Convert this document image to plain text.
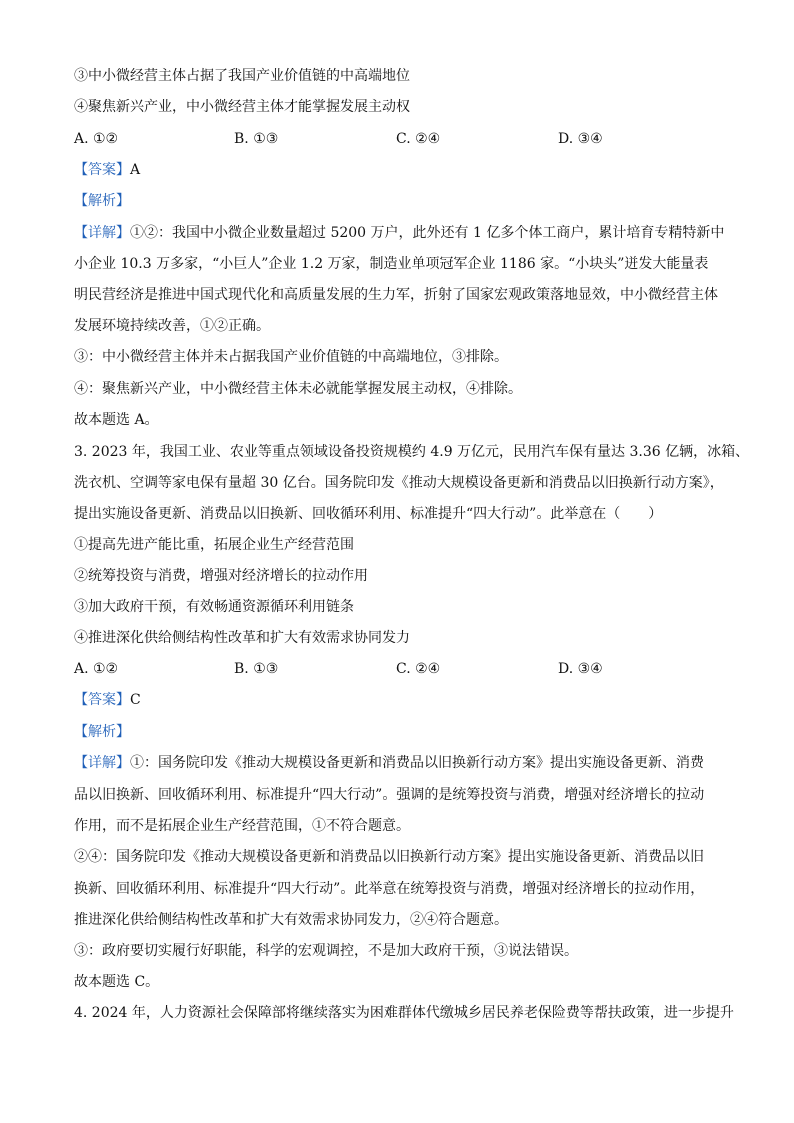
③中小微经营主体占据了我国产业价值链的中高端地位
④聚焦新兴产业，中小微经营主体才能掌握发展主动权
A. ①②	B. ①③	C. ②④	D. ③④
【答案】A
【解析】
【详解】①②：我国中小微企业数量超过 5200 万户，此外还有 1 亿多个体工商户，累计培育专精特新中
小企业 10.3 万多家，“小巨人”企业 1.2 万家，制造业单项冠军企业 1186 家。“小块头”迸发大能量表
明民营经济是推进中国式现代化和高质量发展的生力军，折射了国家宏观政策落地显效，中小微经营主体
发展环境持续改善，①②正确。
③：中小微经营主体并未占据我国产业价值链的中高端地位，③排除。
④：聚焦新兴产业，中小微经营主体未必就能掌握发展主动权，④排除。
故本题选 A。
3. 2023 年，我国工业、农业等重点领域设备投资规模约 4.9 万亿元，民用汽车保有量达 3.36 亿辆，冰箱、
洗衣机、空调等家电保有量超 30 亿台。国务院印发《推动大规模设备更新和消费品以旧换新行动方案》，
提出实施设备更新、消费品以旧换新、回收循环利用、标准提升“四大行动”。此举意在（　　）
①提高先进产能比重，拓展企业生产经营范围
②统筹投资与消费，增强对经济增长的拉动作用
③加大政府干预，有效畅通资源循环利用链条
④推进深化供给侧结构性改革和扩大有效需求协同发力
A. ①②	B. ①③	C. ②④	D. ③④
【答案】C
【解析】
【详解】①：国务院印发《推动大规模设备更新和消费品以旧换新行动方案》提出实施设备更新、消费
品以旧换新、回收循环利用、标准提升“四大行动”。强调的是统筹投资与消费，增强对经济增长的拉动
作用，而不是拓展企业生产经营范围，①不符合题意。
②④：国务院印发《推动大规模设备更新和消费品以旧换新行动方案》提出实施设备更新、消费品以旧
换新、回收循环利用、标准提升“四大行动”。此举意在统筹投资与消费，增强对经济增长的拉动作用，
推进深化供给侧结构性改革和扩大有效需求协同发力，②④符合题意。
③：政府要切实履行好职能，科学的宏观调控，不是加大政府干预，③说法错误。
故本题选 C。
4. 2024 年，人力资源社会保障部将继续落实为困难群体代缴城乡居民养老保险费等帮扶政策，进一步提升
